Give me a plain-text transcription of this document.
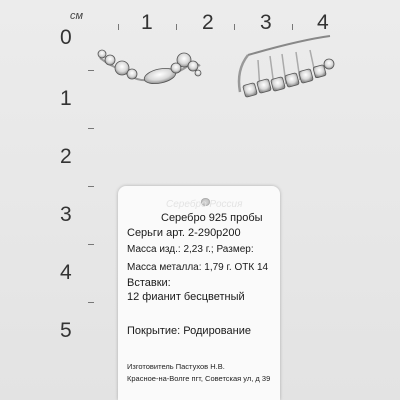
см	1 2 3 4
0
1
2
3
4
5
Серебро Россия
Серебро 925 пробы
Серьги арт. 2-290р200
Масса изд.: 2,23 г.; Размер:
Масса металла: 1,79 г. ОТК 14
Вставки:
12 фианит бесцветный
Покрытие: Родирование
Изготовитель Пастухов Н.В.
Красное-на-Волге пгт, Советская ул, д 39
